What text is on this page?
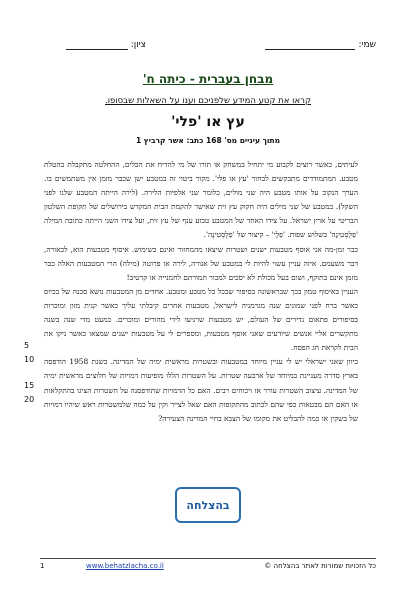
שמי:
ציון:
מבחן בעברית - כיתה ח'
קראו את קטע המידע שלפניכם וענו על השאלות שבסופו.
עץ או 'פלי'
מתוך עיניים מס' 168 כתב: אשר קרביץ 1

לעיתים, כאשר רוצים לקבוע מי יתחיל במשחק או תורו של מי להדיח את הכלים, ההחלטה מתקבלת בהטלת מטבע. המתמודדים מתבקשים לבחור 'עץ או פלי'. מקור ביטוי זה במטבע ישן שכבר מזמן אין משתמשים בו. הערך הנקוב על אותו מטבע היה שני מולים, כלומר שני אלפיות הלירה. (לירה הייתה המטבע שלנו לפני השקל). במטבע של שני מילים היה חקוק עץ זית שאישר להקמת הבית המקדש בירושלים של תקופת השלטון הבריטי על ארץ ישראל. על צידו האחד של המטבע טבוע ענף של עץ זית, ועל צידו השני הייתה כתובה המילה 'פַלֶסְטִינָה' בשלוש שפות. 'פַלֶי' – קיצור של 'פַלֶסְטִינָה'.

כבר זמן-מה אני אוסף מטבעות ישנים ושטרות שיצאו מהמחזור ואינם בשימוש. איסוף מטבעות הוא, לכאורה, דבר משעמם. איזה עניין עשוי להיות לי במטבע של אגורה, לירה או פרוטה (מילה) הרי המטבעות האלה כבר מזמן אינם בתוקף, ושום בעל מכולת לא יסכים למכור תמורתם לחמנייה או קרטיב!

העניין באיסוף טמון בכך שבראשונה בסיפור שבכל כל מטבע ומטבע. אחדים מן המטבעות נושא סכנה של בכיוס כאשר ברח לפני שמונים שנה מגרמניה לישראל, מטבעות אחרים קיבלתי עליך כאשר קנית מזון ומוכרות בסיפורים פתאום נדירים של העולם, יש מטבעות שרגיעו לידי מהורים ומוכרים. כמעט מדי שנה בשנה מתקשרים אליי אנשים שיודעים שאני אוסף מטבעות, ומספרים לי על מטבעות ישנים שמצאו כאשר ניקו את הבית לקראת חג הפסח.

כיוון שאני ישראלי יש לי עניין מיוחד במטבעות ובשטרות מראשית ימיה של המדינה. בשנת 1958 הודפסה בארץ סדרה מעניינת במיוחד של ארבעה שטרות. על השטרות הללו מופיעות דמויות של חלוצים מראשית ימיה של המדינה. עיצוב השטרות עורר אז ויכוחים רבים. האם כל הדמויות שתודפסנה על השטרות הציגו בהתקלאות או האם הם מבטאות כפי שהם לכתוב מהתקופות האם שאל לצייר וקין על כמה שלמשטרות ראש שיהיו דמויות של בשקין או כמה להבליט את מקומו של הצבא בחיי המדינה הצעירה?

5
10
15
20
בהצלחה
כל הזכויות שמורות לאתר בהצלחה ©
www.behatzlacha.co.il
1
